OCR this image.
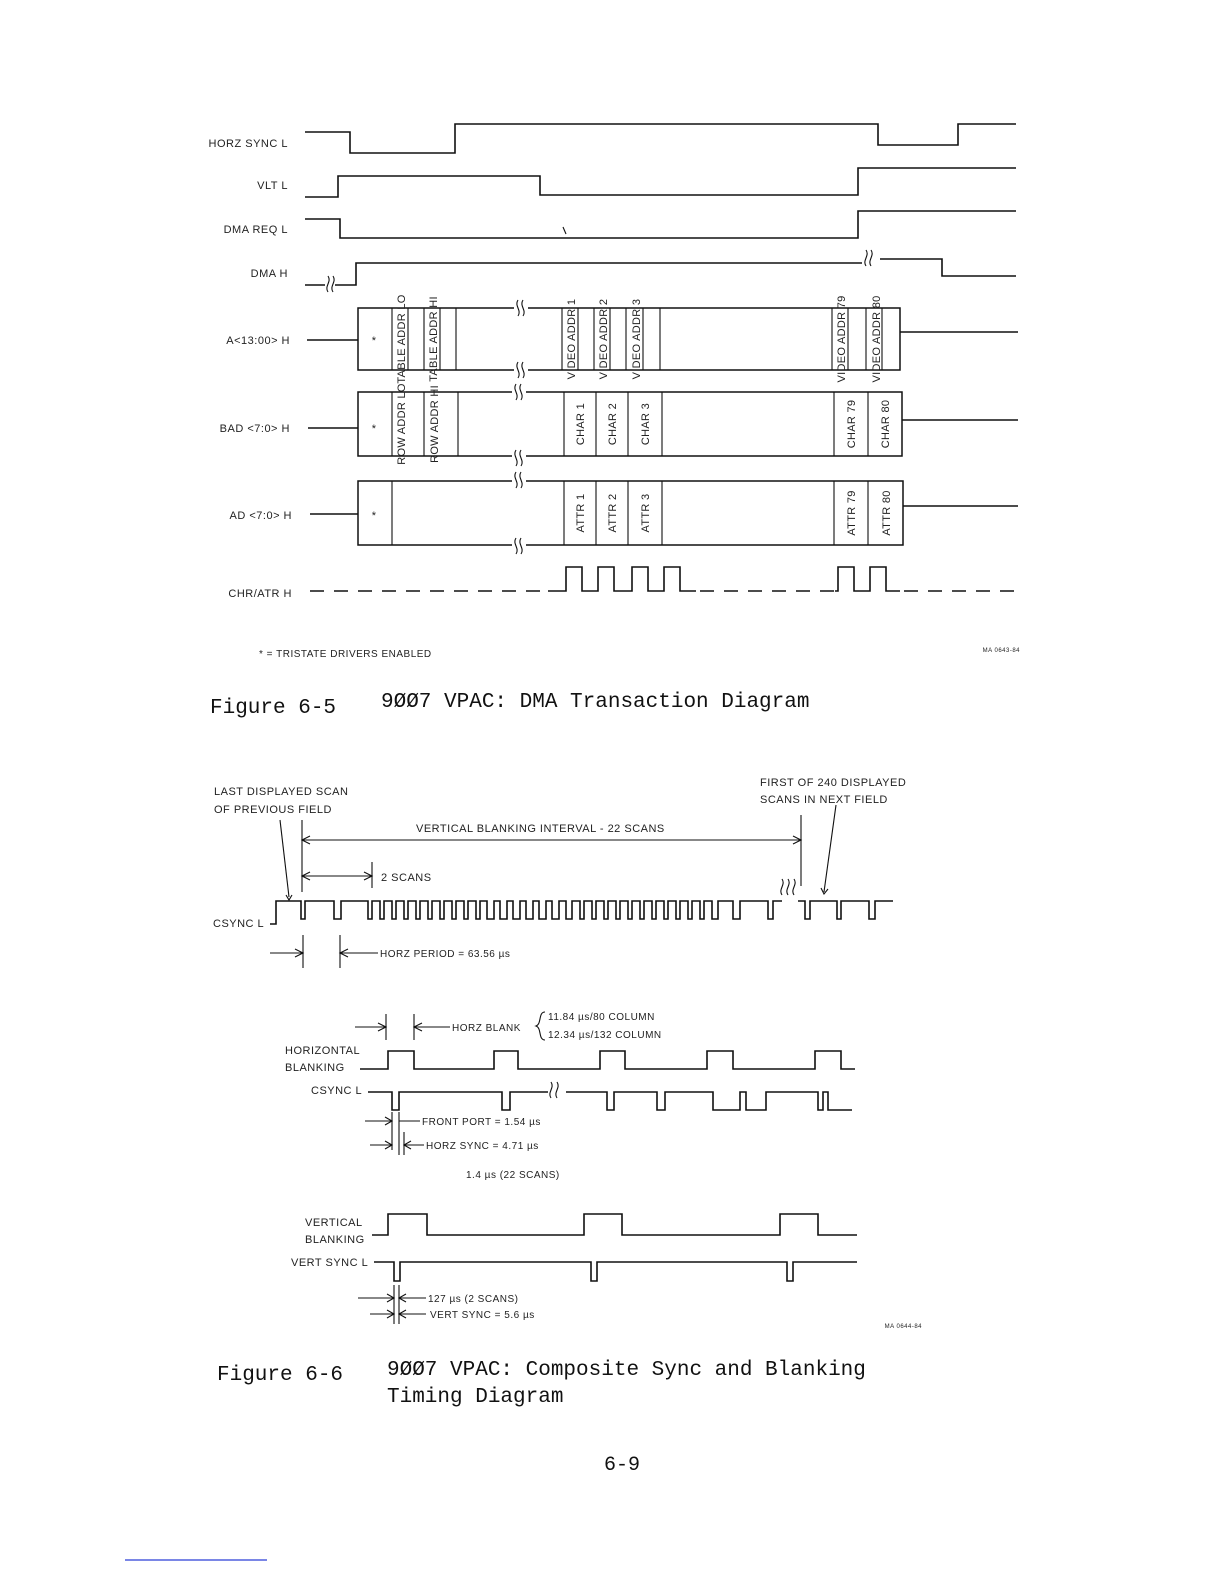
HORZ SYNC L
VLT L
DMA REQ L
DMA H
A<13:00> H
BAD <7:0> H
AD <7:0> H
CHR/ATR H
* TABLE ADDR LO TABLE ADDR HI	VIDEO ADDR 1 VIDEO ADDR 2 VIDEO ADDR 3	VIDEO ADDR 79 VIDEO ADDR 80
* ROW ADDR LO ROW ADDR HI	CHAR 1 CHAR 2 CHAR 3	CHAR 79 CHAR 80
*	ATTR 1 ATTR 2 ATTR 3	ATTR 79 ATTR 80
* = TRISTATE DRIVERS ENABLED	MA 0643-84
Figure 6-5 9ØØ7 VPAC: DMA Transaction Diagram
LAST DISPLAYED SCAN
OF PREVIOUS FIELD
FIRST OF 240 DISPLAYED
SCANS IN NEXT FIELD
VERTICAL BLANKING INTERVAL - 22 SCANS
2 SCANS
CSYNC L
HORZ PERIOD = 63.56 µs
HORZ BLANK
11.84 µs/80 COLUMN
12.34 µs/132 COLUMN
HORIZONTAL
BLANKING
CSYNC L
FRONT PORT = 1.54 µs
HORZ SYNC = 4.71 µs
1.4 µs (22 SCANS)
VERTICAL
BLANKING
VERT SYNC L
127 µs (2 SCANS)
VERT SYNC = 5.6 µs
MA 0644-84
Figure 6-6 9ØØ7 VPAC: Composite Sync and Blanking
Timing Diagram
6-9
